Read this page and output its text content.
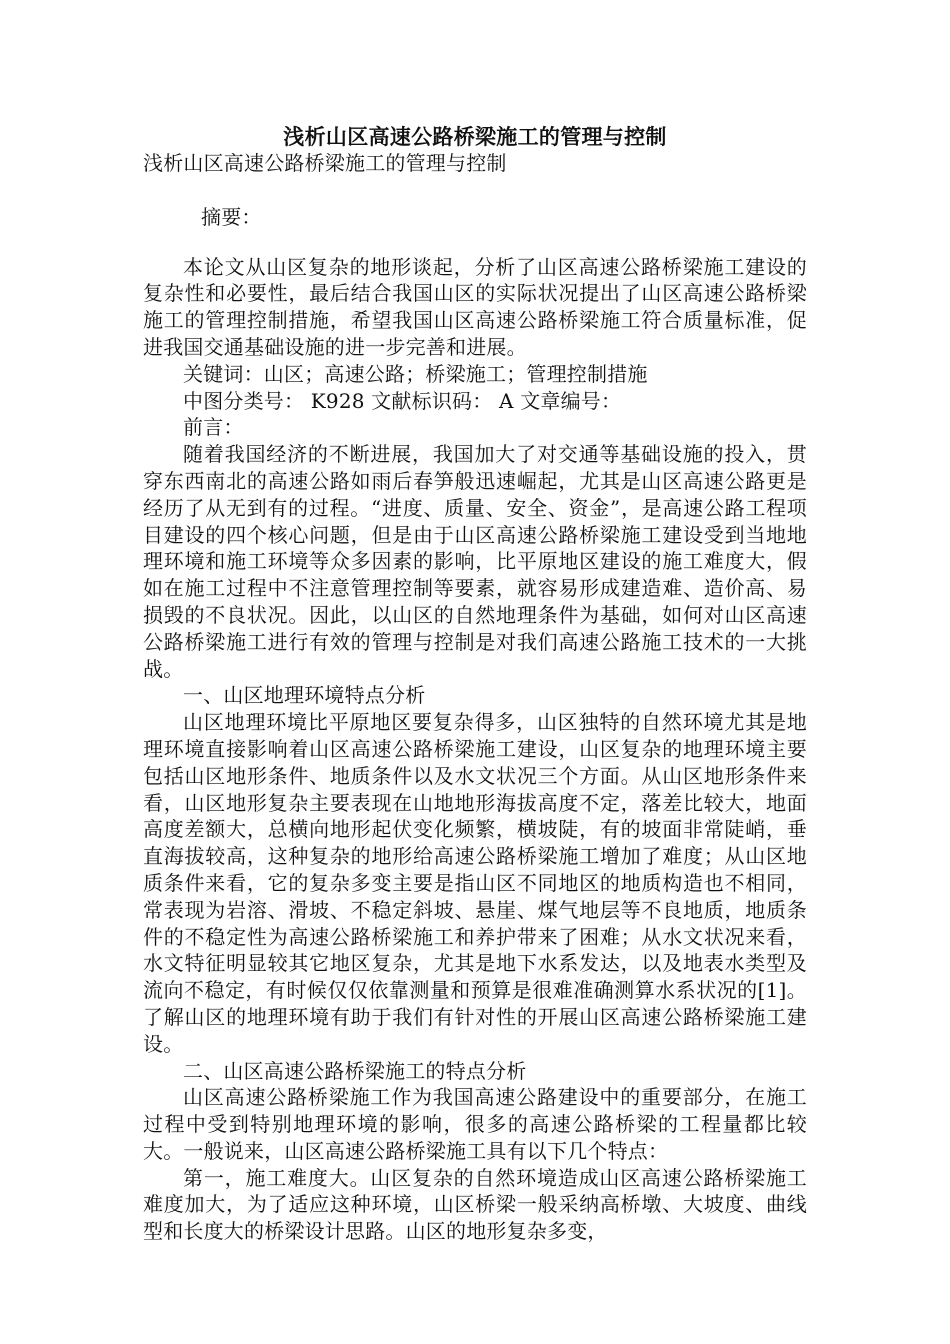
浅析山区高速公路桥梁施工的管理与控制

浅析山区高速公路桥梁施工的管理与控制

摘要：

本论文从山区复杂的地形谈起，分析了山区高速公路桥梁施工建设的复杂性和必要性，最后结合我国山区的实际状况提出了山区高速公路桥梁施工的管理控制措施，希望我国山区高速公路桥梁施工符合质量标准，促进我国交通基础设施的进一步完善和进展。

关键词：山区；高速公路；桥梁施工；管理控制措施

中图分类号： K928 文献标识码： A 文章编号：

前言：

随着我国经济的不断进展，我国加大了对交通等基础设施的投入，贯穿东西南北的高速公路如雨后春笋般迅速崛起，尤其是山区高速公路更是经历了从无到有的过程。“进度、质量、安全、资金”，是高速公路工程项目建设的四个核心问题，但是由于山区高速公路桥梁施工建设受到当地地理环境和施工环境等众多因素的影响，比平原地区建设的施工难度大，假如在施工过程中不注意管理控制等要素，就容易形成建造难、造价高、易损毁的不良状况。因此，以山区的自然地理条件为基础，如何对山区高速公路桥梁施工进行有效的管理与控制是对我们高速公路施工技术的一大挑战。

一、山区地理环境特点分析

山区地理环境比平原地区要复杂得多，山区独特的自然环境尤其是地理环境直接影响着山区高速公路桥梁施工建设，山区复杂的地理环境主要包括山区地形条件、地质条件以及水文状况三个方面。从山区地形条件来看，山区地形复杂主要表现在山地地形海拔高度不定，落差比较大，地面高度差额大，总横向地形起伏变化频繁，横坡陡，有的坡面非常陡峭，垂直海拔较高，这种复杂的地形给高速公路桥梁施工增加了难度；从山区地质条件来看，它的复杂多变主要是指山区不同地区的地质构造也不相同，常表现为岩溶、滑坡、不稳定斜坡、悬崖、煤气地层等不良地质，地质条件的不稳定性为高速公路桥梁施工和养护带来了困难；从水文状况来看，水文特征明显较其它地区复杂，尤其是地下水系发达，以及地表水类型及流向不稳定，有时候仅仅依靠测量和预算是很难准确测算水系状况的[1]。了解山区的地理环境有助于我们有针对性的开展山区高速公路桥梁施工建设。

二、山区高速公路桥梁施工的特点分析

山区高速公路桥梁施工作为我国高速公路建设中的重要部分，在施工过程中受到特别地理环境的影响，很多的高速公路桥梁的工程量都比较大。一般说来，山区高速公路桥梁施工具有以下几个特点：

第一，施工难度大。山区复杂的自然环境造成山区高速公路桥梁施工难度加大，为了适应这种环境，山区桥梁一般采纳高桥墩、大坡度、曲线型和长度大的桥梁设计思路。山区的地形复杂多变，
